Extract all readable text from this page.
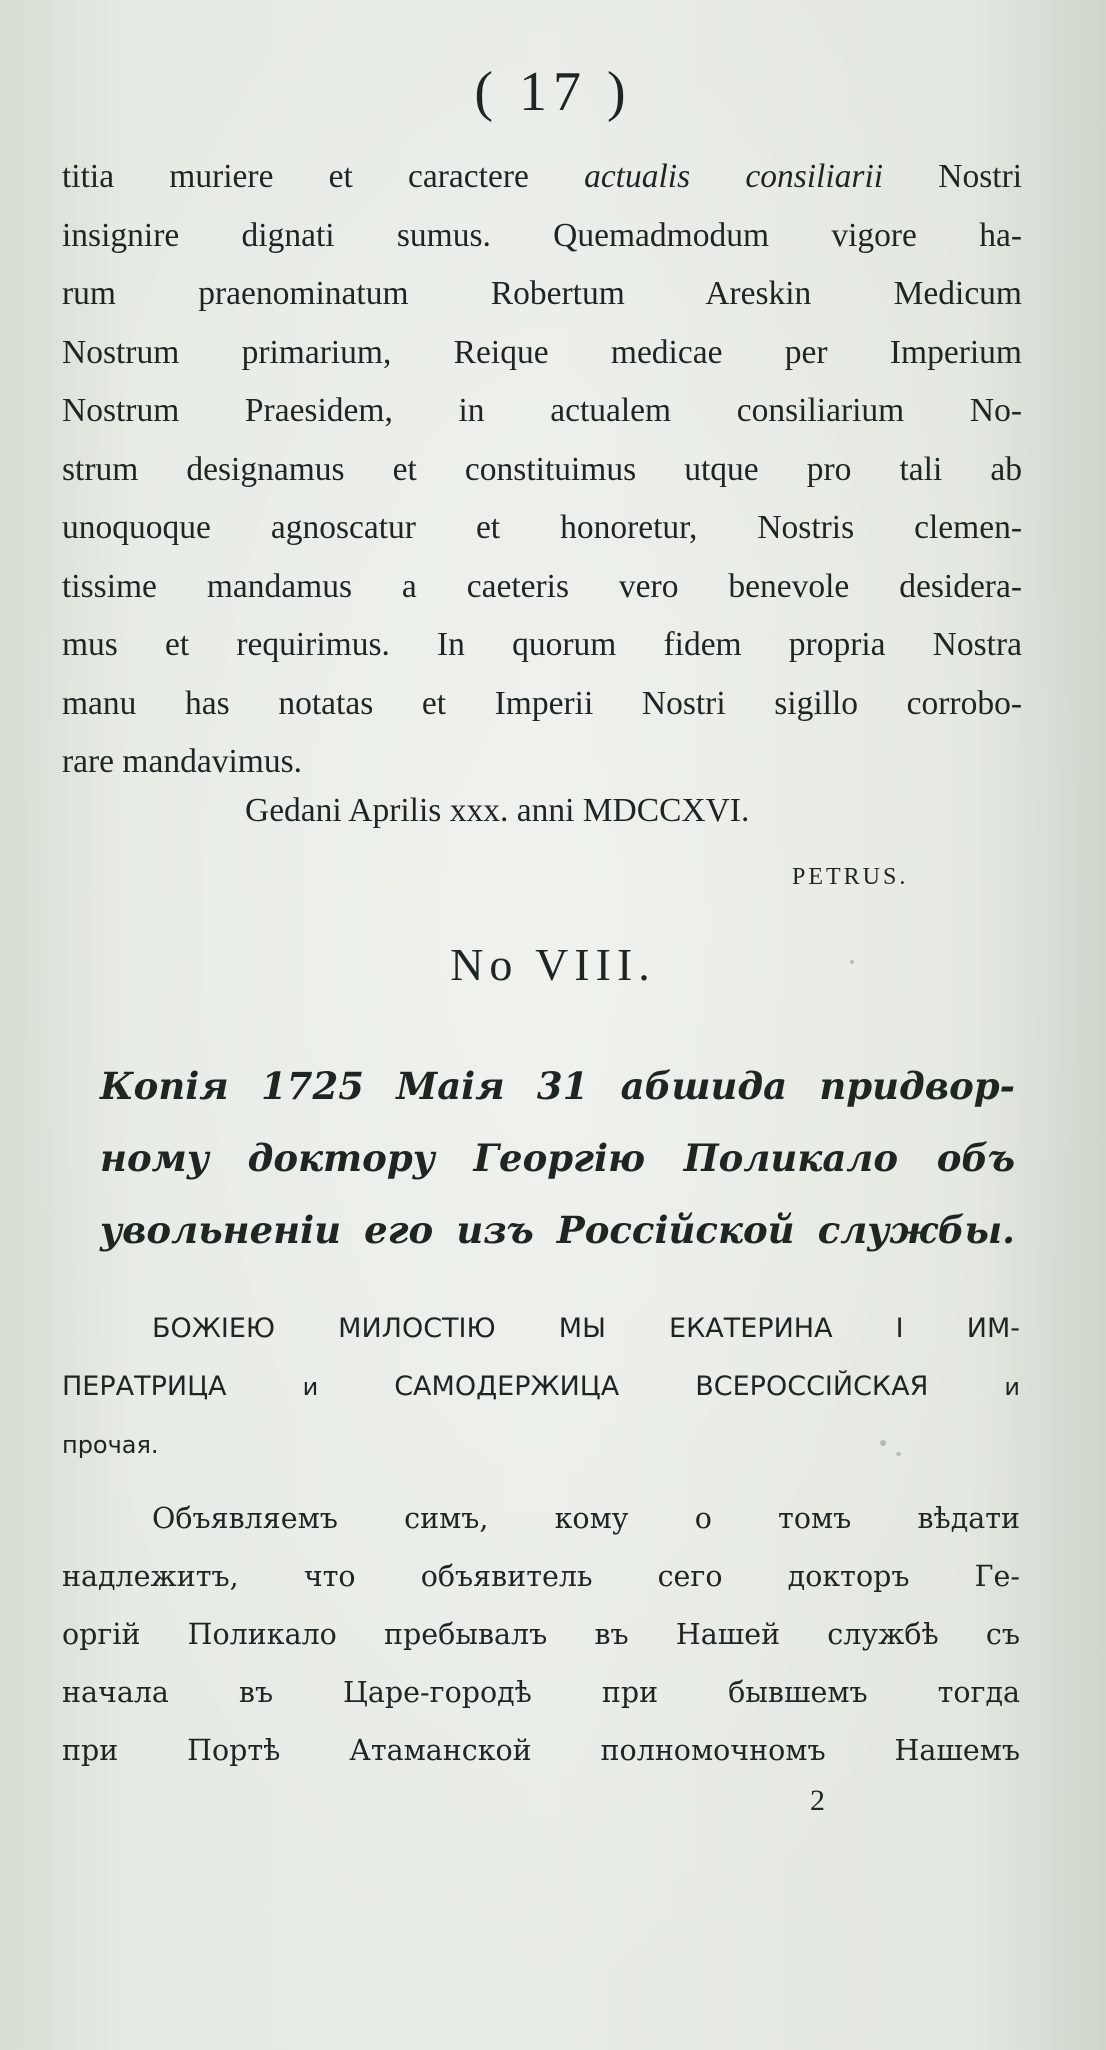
( 17 )
titia muriere et caractere actualis consiliarii Nostri
insignire dignati sumus. Quemadmodum vigore ha-
rum praenominatum Robertum Areskin Medicum
Nostrum primarium, Reique medicae per Imperium
Nostrum Praesidem, in actualem consiliarium No-
strum designamus et constituimus utque pro tali ab
unoquoque agnoscatur et honoretur, Nostris clemen-
tissime mandamus a caeteris vero benevole desidera-
mus et requirimus. In quorum fidem propria Nostra
manu has notatas et Imperii Nostri sigillo corrobo-
rare mandavimus.
Gedani Aprilis xxx. anni MDCCXVI.
PETRUS.
No VIII.
Копія 1725 Маія 31 абшида придвор-
ному доктору Георгію Поликало объ
увольненіи его изъ Россійской службы.
БОЖІЕЮ МИЛОСТІЮ МЫ ЕКАТЕРИНА I ИМ-
ПЕРАТРИЦА	и	САМОДЕРЖИЦА ВСЕРОССІЙСКАЯ	и
прочая.
Объявляемъ симъ, кому о томъ вѣдати
надлежитъ, что объявитель сего докторъ Ге-
оргій Поликало пребывалъ въ Нашей службѣ съ
начала въ Царе-городѣ при бывшемъ тогда
при Портѣ Атаманской полномочномъ Нашемъ
2
